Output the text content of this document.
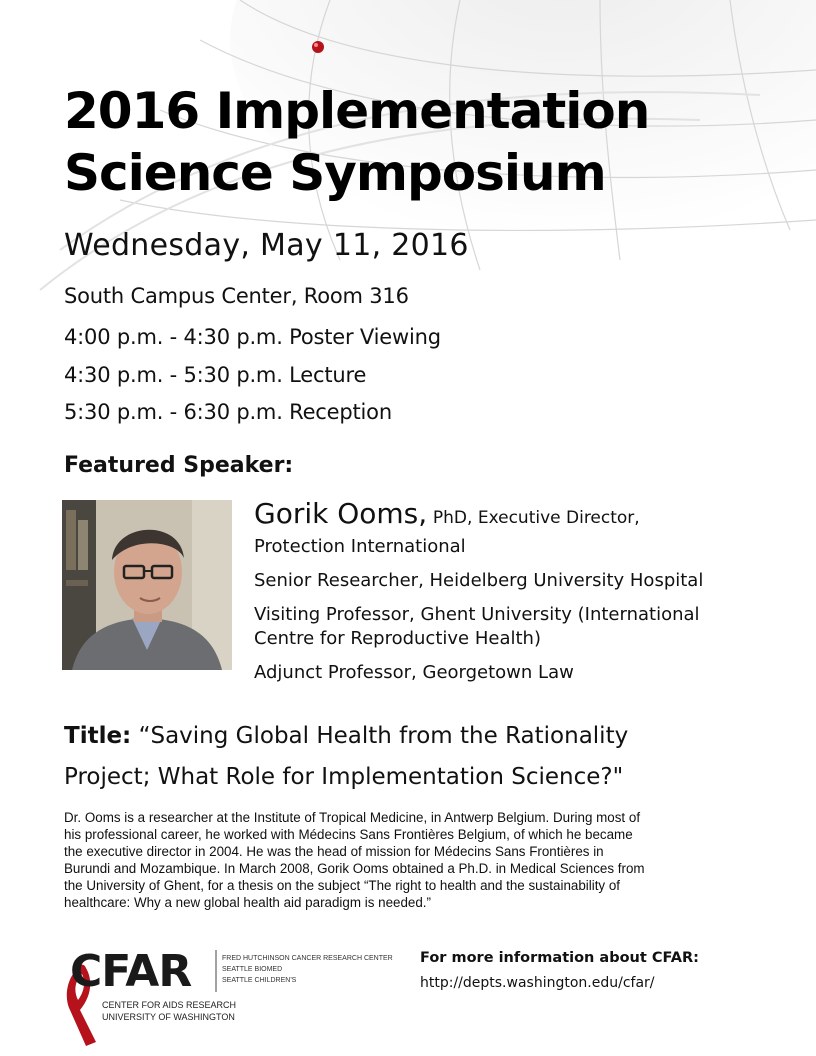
2016 Implementation
Science Symposium
Wednesday, May 11, 2016
South Campus Center, Room 316
4:00 p.m. - 4:30 p.m. Poster Viewing
4:30 p.m. - 5:30 p.m. Lecture
5:30 p.m. - 6:30 p.m. Reception
Featured Speaker:
Gorik Ooms, PhD, Executive Director,
Protection International
Senior Researcher, Heidelberg University Hospital
Visiting Professor, Ghent University (International
Centre for Reproductive Health)
Adjunct Professor, Georgetown Law
Title: “Saving Global Health from the Rationality
Project; What Role for Implementation Science?"
Dr. Ooms is a researcher at the Institute of Tropical Medicine, in Antwerp Belgium. During most of
his professional career, he worked with Médecins Sans Frontières Belgium, of which he became
the executive director in 2004. He was the head of mission for Médecins Sans Frontières in
Burundi and Mozambique. In March 2008, Gorik Ooms obtained a Ph.D. in Medical Sciences from
the University of Ghent, for a thesis on the subject “The right to health and the sustainability of
healthcare: Why a new global health aid paradigm is needed.”
CFAR	FRED HUTCHINSON CANCER RESEARCH CENTER
SEATTLE BIOMED
SEATTLE CHILDREN'S
CENTER FOR AIDS RESEARCH
UNIVERSITY OF WASHINGTON
For more information about CFAR:
http://depts.washington.edu/cfar/
